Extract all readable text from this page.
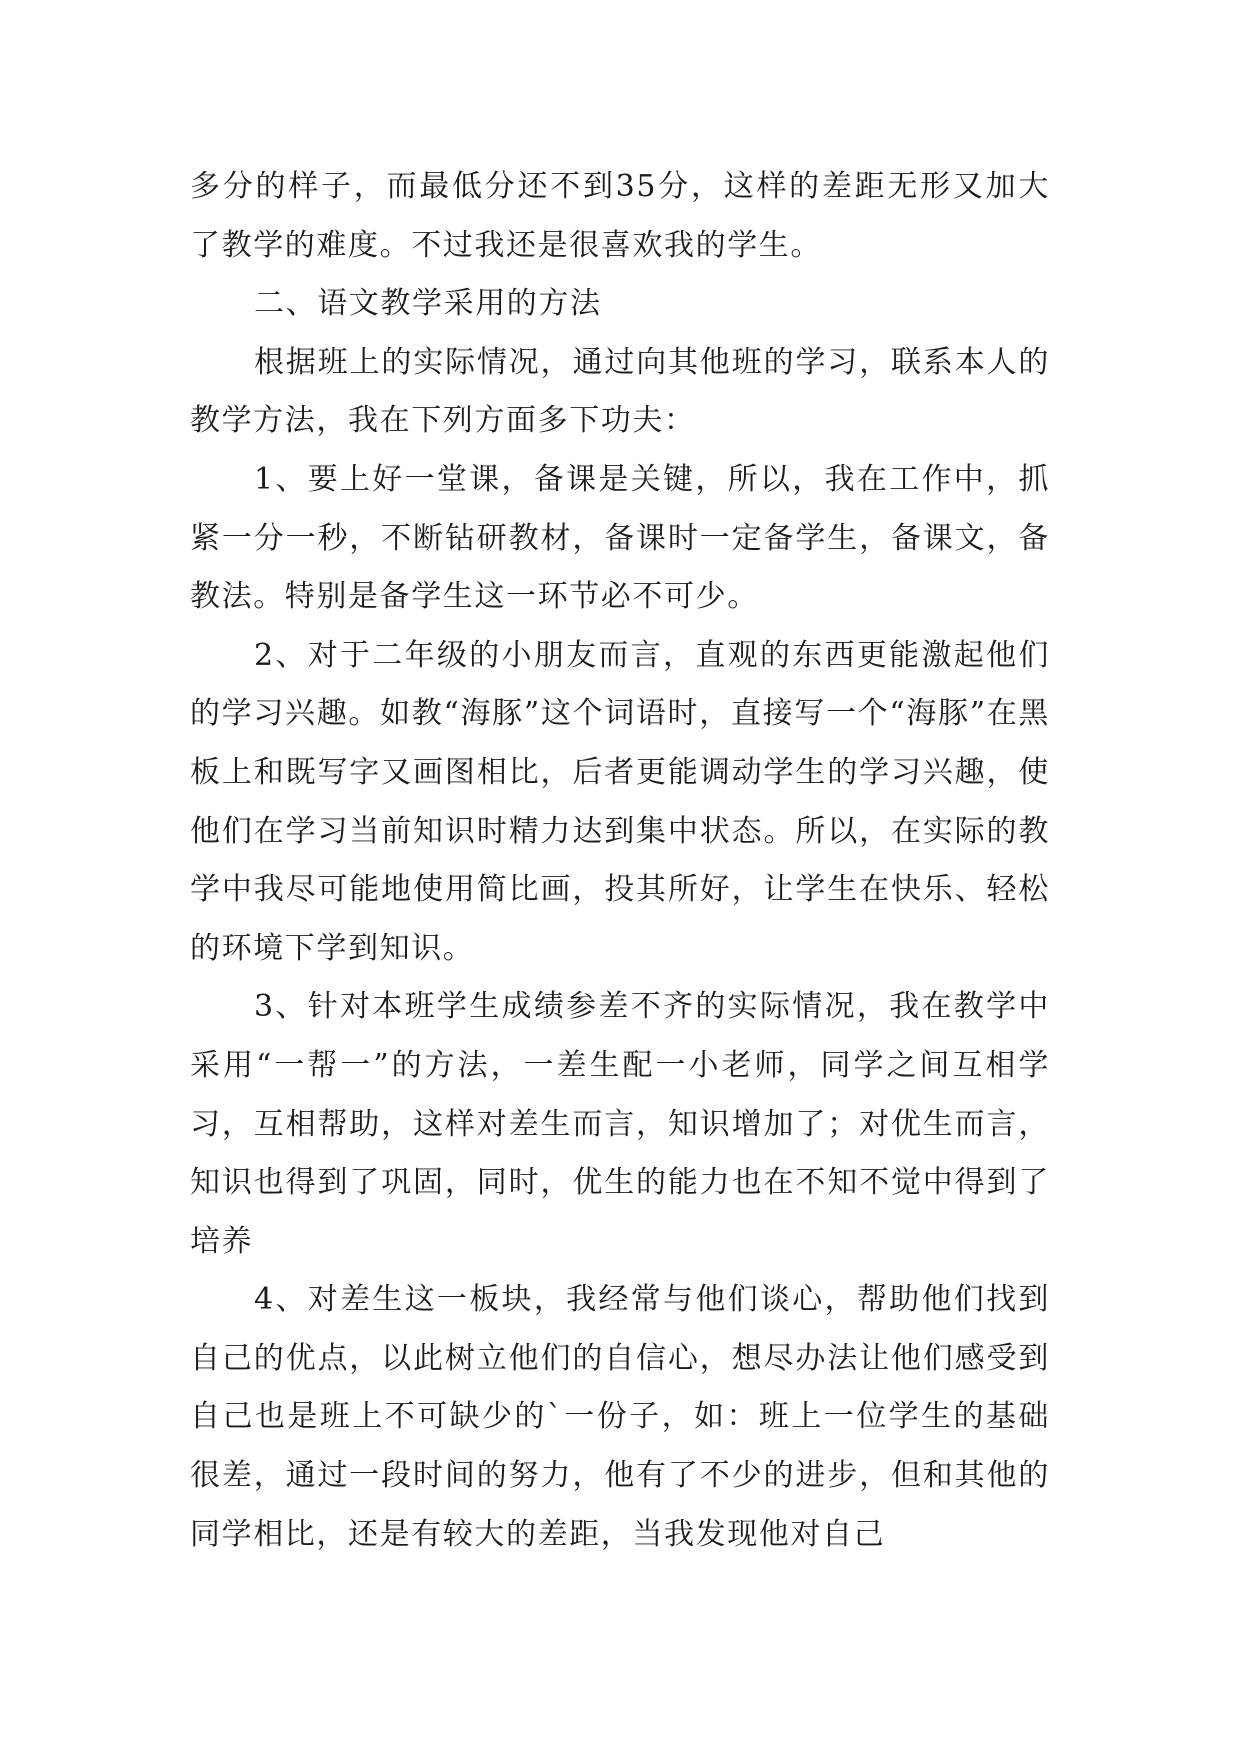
多分的样子，而最低分还不到35分，这样的差距无形又加大了教学的难度。不过我还是很喜欢我的学生。

二、语文教学采用的方法

根据班上的实际情况，通过向其他班的学习，联系本人的教学方法，我在下列方面多下功夫：

1、要上好一堂课，备课是关键，所以，我在工作中，抓紧一分一秒，不断钻研教材，备课时一定备学生，备课文，备教法。特别是备学生这一环节必不可少。

2、对于二年级的小朋友而言，直观的东西更能激起他们的学习兴趣。如教“海豚”这个词语时，直接写一个“海豚”在黑板上和既写字又画图相比，后者更能调动学生的学习兴趣，使他们在学习当前知识时精力达到集中状态。所以，在实际的教学中我尽可能地使用简比画，投其所好，让学生在快乐、轻松的环境下学到知识。

3、针对本班学生成绩参差不齐的实际情况，我在教学中采用“一帮一”的方法，一差生配一小老师，同学之间互相学习，互相帮助，这样对差生而言，知识增加了；对优生而言，知识也得到了巩固，同时，优生的能力也在不知不觉中得到了培养

4、对差生这一板块，我经常与他们谈心，帮助他们找到自己的优点，以此树立他们的自信心，想尽办法让他们感受到自己也是班上不可缺少的`一份子，如：班上一位学生的基础很差，通过一段时间的努力，他有了不少的进步，但和其他的同学相比，还是有较大的差距，当我发现他对自己
